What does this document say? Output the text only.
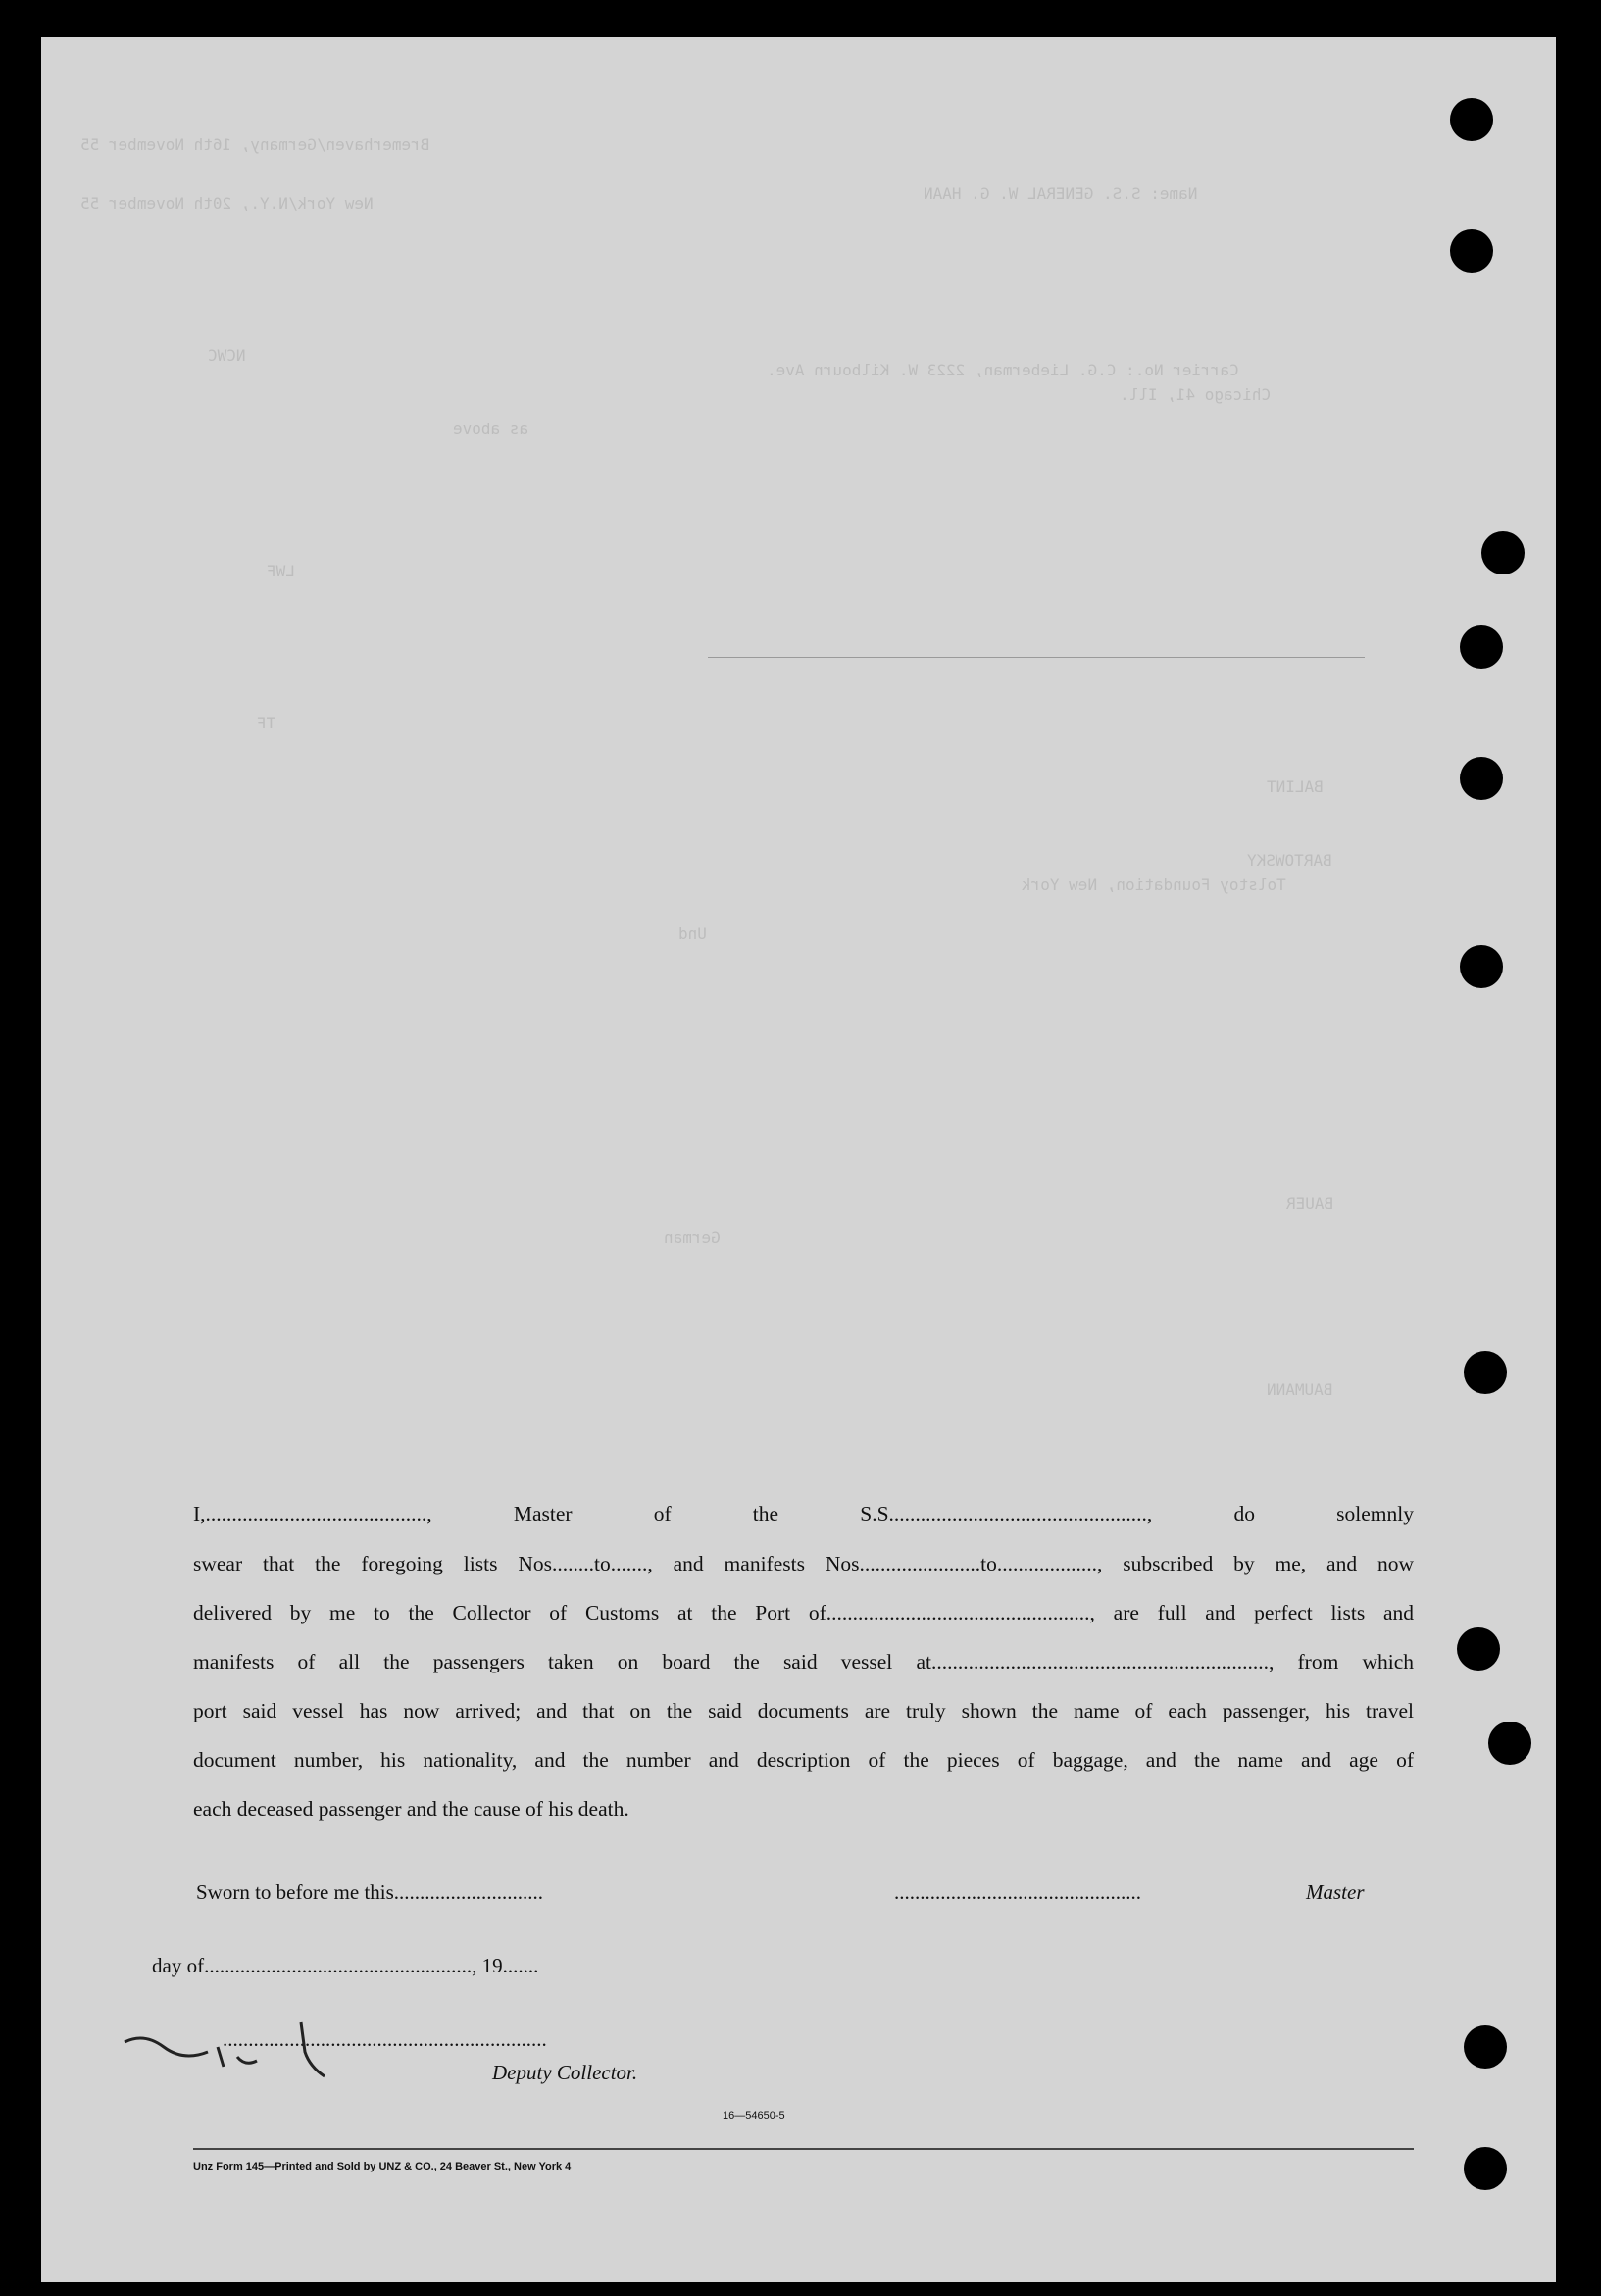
Bremerhaven/Germany, 16th November 55
New York/N.Y., 20th November 55
Name: S.S. GENERAL W. G. HAAN
Carrier No.: C.G. Lieberman, 2223 W. Kilbourn Ave.
Chicago 41, Ill.
as above
BALINT
BARTOWSKY
Tolstoy Foundation, New York
BAUER
BAUMANN
NCWC
TF
LWF
German
Und
I,.........................................., Master of the S.S................................................., do solemnly
swear that the foregoing lists Nos........to......., and manifests Nos.......................to..................., subscribed by me, and now
delivered by me to the Collector of Customs at the Port of.................................................., are full and perfect lists and
manifests of all the passengers taken on board the said vessel at................................................................, from which
port said vessel has now arrived; and that on the said documents are truly shown the name of each passenger, his travel
document number, his nationality, and the number and description of the pieces of baggage, and the name and age of
each deceased passenger and the cause of his death.
Sworn to before me this.............................	................................................	Master
day of...................................................., 19.......
...............................................................
Deputy Collector.
16—54650-5
Unz Form 145—Printed and Sold by UNZ & CO., 24 Beaver St., New York 4
